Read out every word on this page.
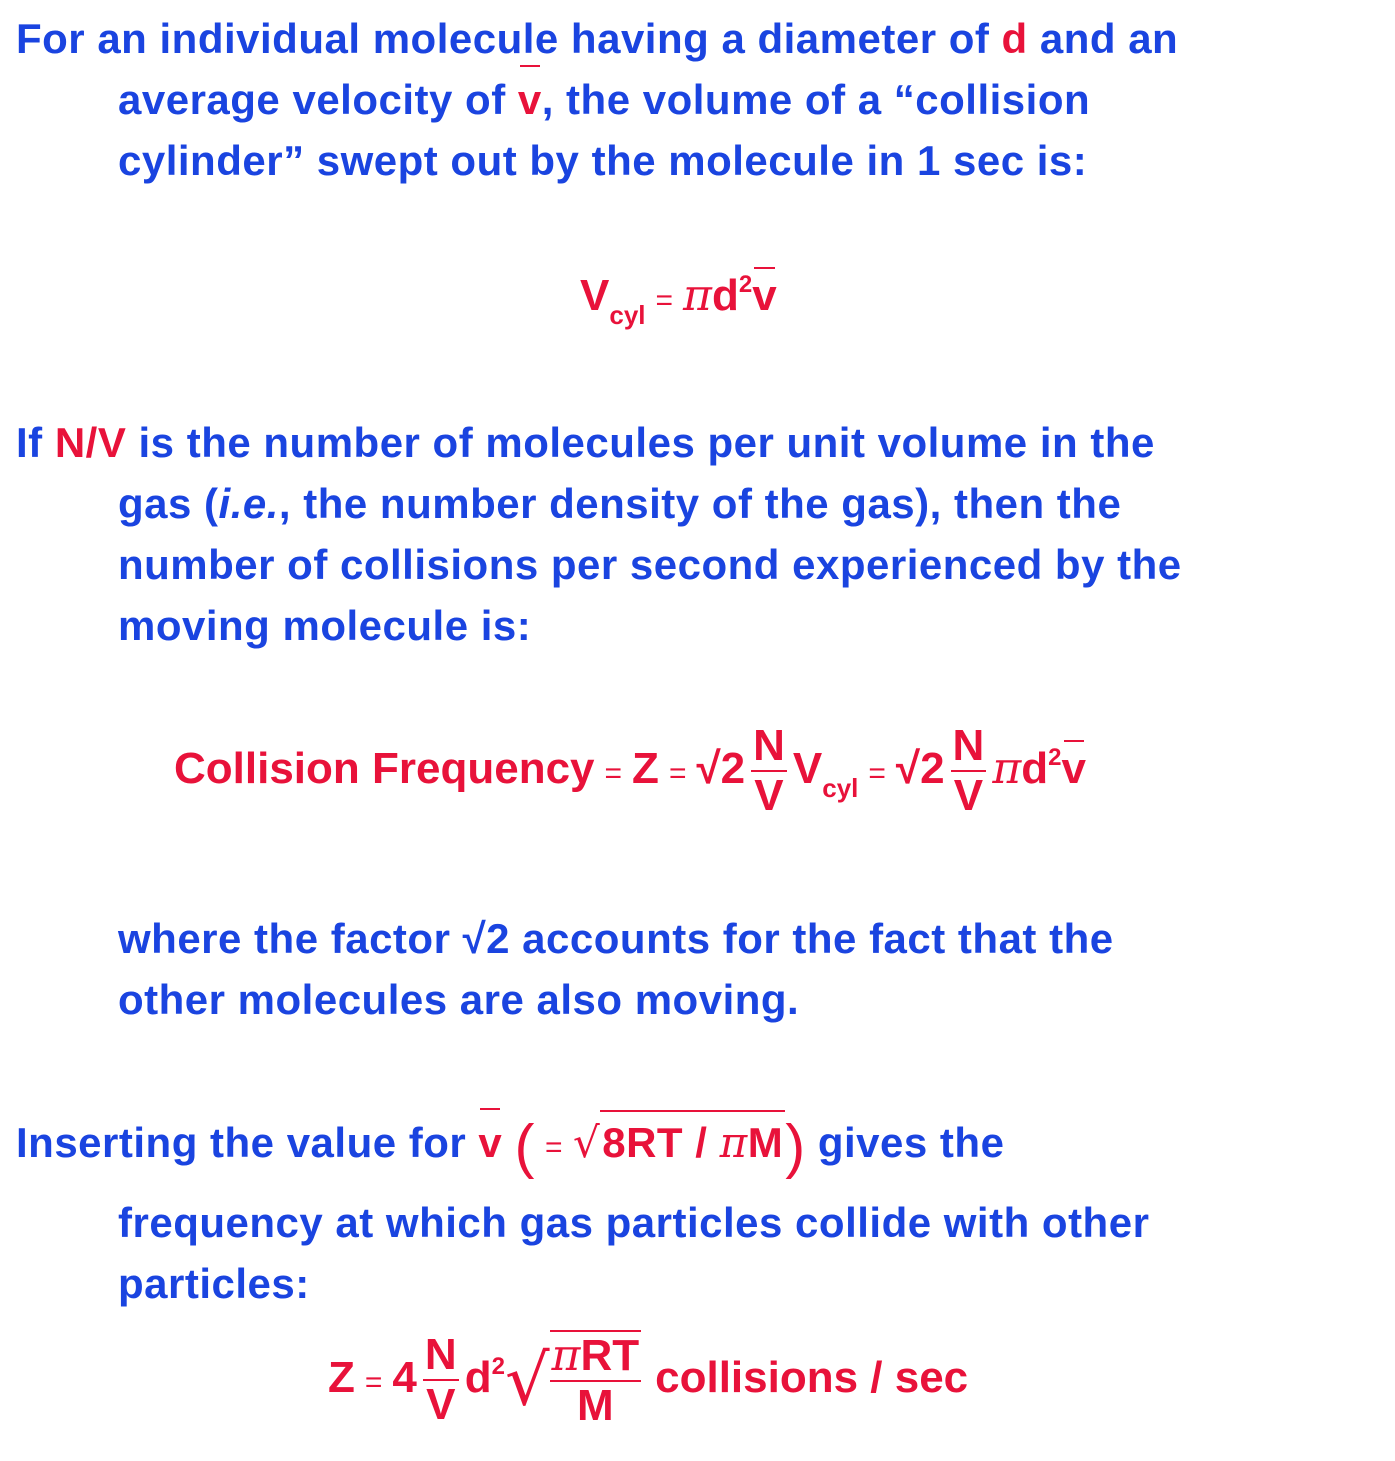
For an individual molecule having a diameter of d and an
average velocity of v, the volume of a “collision
cylinder” swept out by the molecule in 1 sec is:
$V_{cyl} = \pi d^2v$
If N/V is the number of molecules per unit volume in the
gas (i.e., the number density of the gas), then the
number of collisions per second experienced by the
moving molecule is:
Collision Frequency = $Z = √2 \frac{N}{V} V_{cyl} = √2 \frac{N}{V} \pi d^2v$
where the factor √2 accounts for the fact that the
other molecules are also moving.
Inserting the value for v ( = √8RT / πM) gives the
frequency at which gas particles collide with other
particles:
$Z = 4 \frac{N}{V} d^2√ \frac{\text{πRT}}{M}$ collisions / sec
